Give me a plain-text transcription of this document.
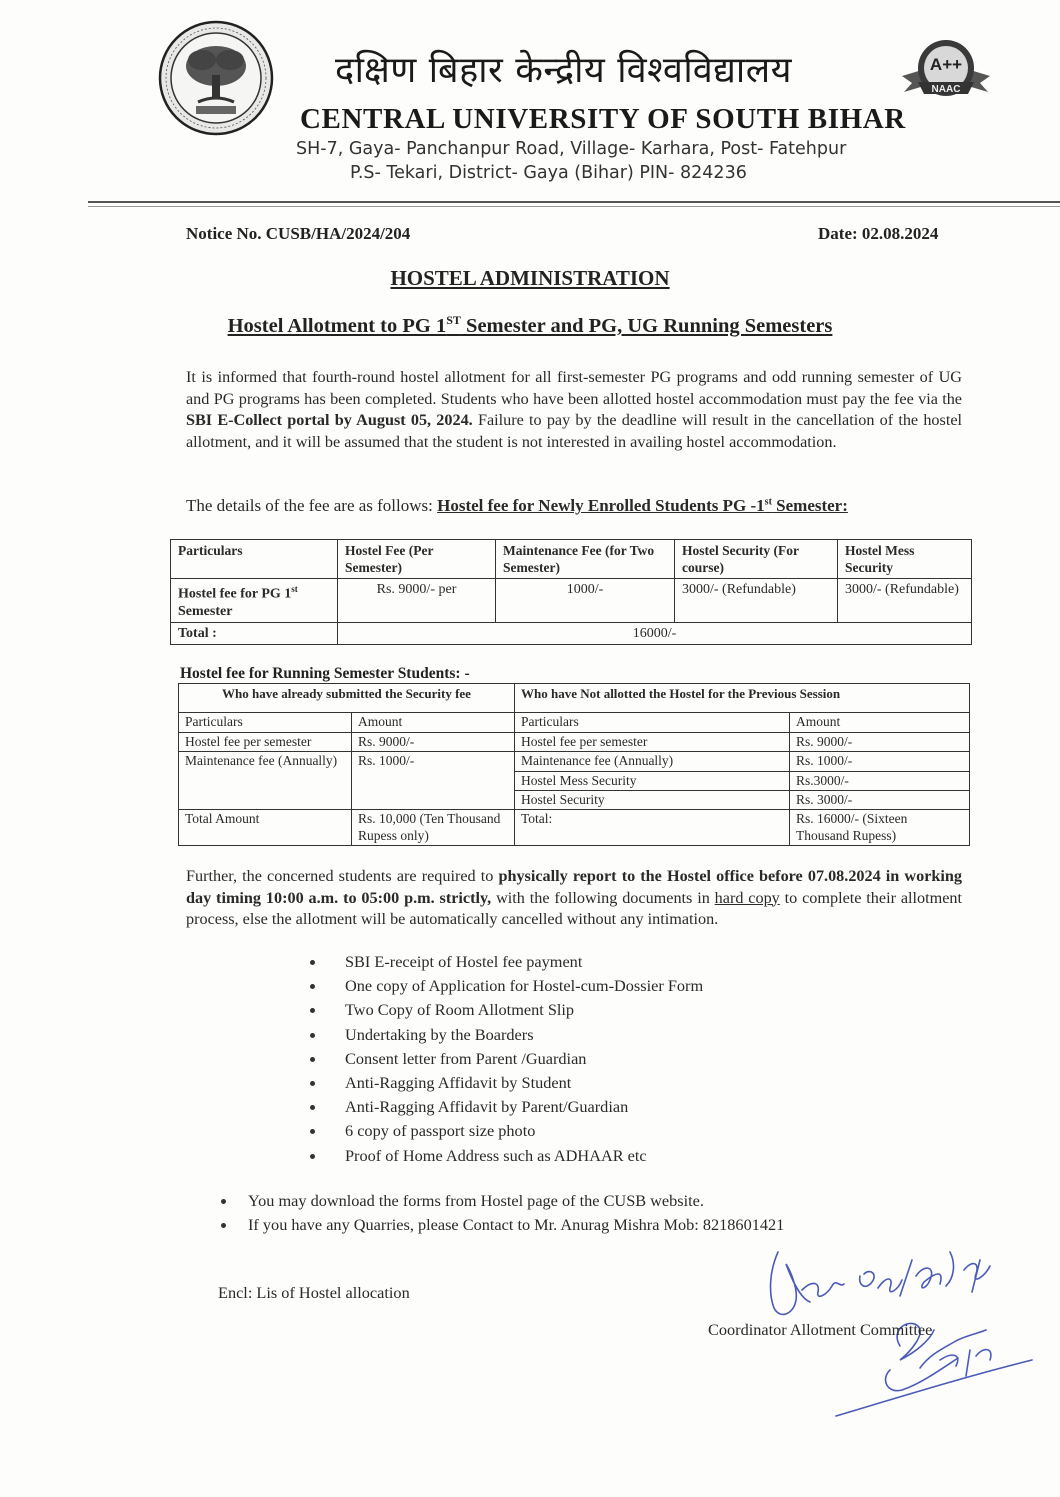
A++
NAAC
दक्षिण बिहार केन्द्रीय विश्वविद्यालय
CENTRAL UNIVERSITY OF SOUTH BIHAR
SH-7, Gaya- Panchanpur Road, Village- Karhara, Post- Fatehpur
P.S- Tekari, District- Gaya (Bihar) PIN- 824236
Notice No. CUSB/HA/2024/204	Date: 02.08.2024
HOSTEL ADMINISTRATION
Hostel Allotment to PG 1ST Semester and PG, UG Running Semesters
It is informed that fourth-round hostel allotment for all first-semester PG programs and odd running semester of UG and PG programs has been completed. Students who have been allotted hostel accommodation must pay the fee via the SBI E-Collect portal by August 05, 2024. Failure to pay by the deadline will result in the cancellation of the hostel allotment, and it will be assumed that the student is not interested in availing hostel accommodation.
The details of the fee are as follows: Hostel fee for Newly Enrolled Students PG -1st Semester:
Particulars	Hostel Fee (Per Semester)	Maintenance Fee (for Two Semester)	Hostel Security (For course)	Hostel Mess Security
Hostel fee for PG 1st Semester	Rs. 9000/- per	1000/-	3000/- (Refundable)	3000/- (Refundable)
Total :	16000/-			
Hostel fee for Running Semester Students: -
Who have already submitted the Security fee		Who have Not allotted the Hostel for the Previous Session	
Particulars	Amount	Particulars	Amount
Hostel fee per semester	Rs. 9000/-	Hostel fee per semester	Rs. 9000/-
Maintenance fee (Annually)	Rs. 1000/-	Maintenance fee (Annually)	Rs. 1000/-
		Hostel Mess Security	Rs.3000/-
		Hostel Security	Rs. 3000/-
Total Amount	Rs. 10,000 (Ten Thousand Rupess only)	Total:	Rs. 16000/- (Sixteen Thousand Rupess)
Further, the concerned students are required to physically report to the Hostel office before 07.08.2024 in working day timing 10:00 a.m. to 05:00 p.m. strictly, with the following documents in hard copy to complete their allotment process, else the allotment will be automatically cancelled without any intimation.
SBI E-receipt of Hostel fee payment
One copy of Application for Hostel-cum-Dossier Form
Two Copy of Room Allotment Slip
Undertaking by the Boarders
Consent letter from Parent /Guardian
Anti-Ragging Affidavit by Student
Anti-Ragging Affidavit by Parent/Guardian
6 copy of passport size photo
Proof of Home Address such as ADHAAR etc
You may download the forms from Hostel page of the CUSB website.
If you have any Quarries, please Contact to Mr. Anurag Mishra Mob: 8218601421
Encl: Lis of Hostel allocation
Coordinator Allotment Committee
